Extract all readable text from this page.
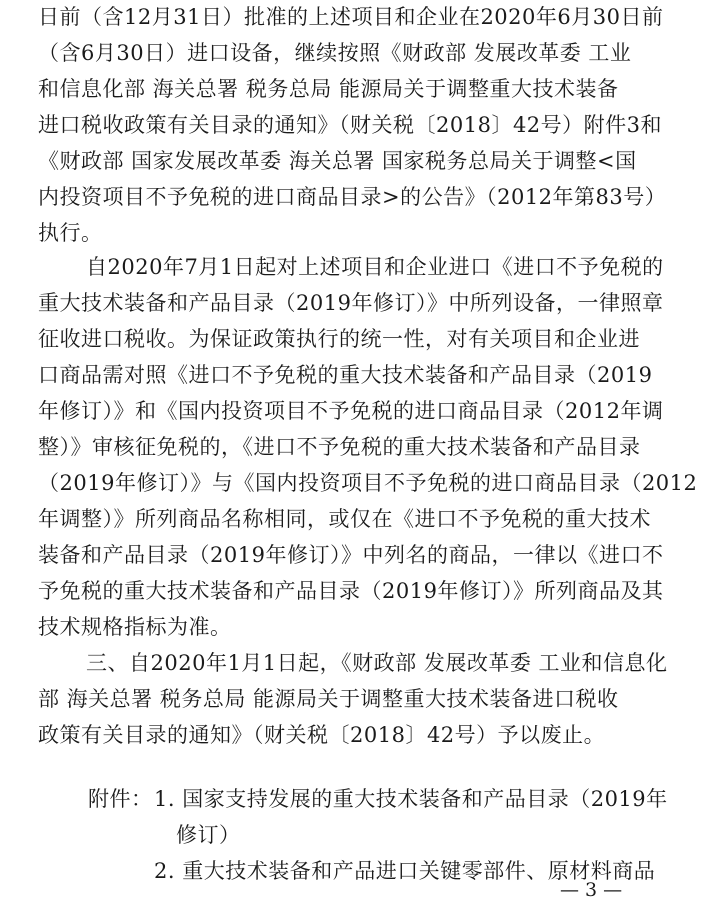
日前（含12月31日）批准的上述项目和企业在2020年6月30日前
（含6月30日）进口设备，继续按照《财政部 发展改革委 工业
和信息化部 海关总署 税务总局 能源局关于调整重大技术装备
进口税收政策有关目录的通知》（财关税〔2018〕42号）附件3和
《财政部 国家发展改革委 海关总署 国家税务总局关于调整<国
内投资项目不予免税的进口商品目录>的公告》（2012年第83号）
执行。
自2020年7月1日起对上述项目和企业进口《进口不予免税的
重大技术装备和产品目录（2019年修订）》中所列设备，一律照章
征收进口税收。为保证政策执行的统一性，对有关项目和企业进
口商品需对照《进口不予免税的重大技术装备和产品目录（2019
年修订）》和《国内投资项目不予免税的进口商品目录（2012年调
整）》审核征免税的，《进口不予免税的重大技术装备和产品目录
（2019年修订）》与《国内投资项目不予免税的进口商品目录（2012
年调整）》所列商品名称相同，或仅在《进口不予免税的重大技术
装备和产品目录（2019年修订）》中列名的商品，一律以《进口不
予免税的重大技术装备和产品目录（2019年修订）》所列商品及其
技术规格指标为准。
三、自2020年1月1日起，《财政部 发展改革委 工业和信息化
部 海关总署 税务总局 能源局关于调整重大技术装备进口税收
政策有关目录的通知》（财关税〔2018〕42号）予以废止。
附件： 1. 国家支持发展的重大技术装备和产品目录（2019年
修订）
2. 重大技术装备和产品进口关键零部件、原材料商品
— 3 —
